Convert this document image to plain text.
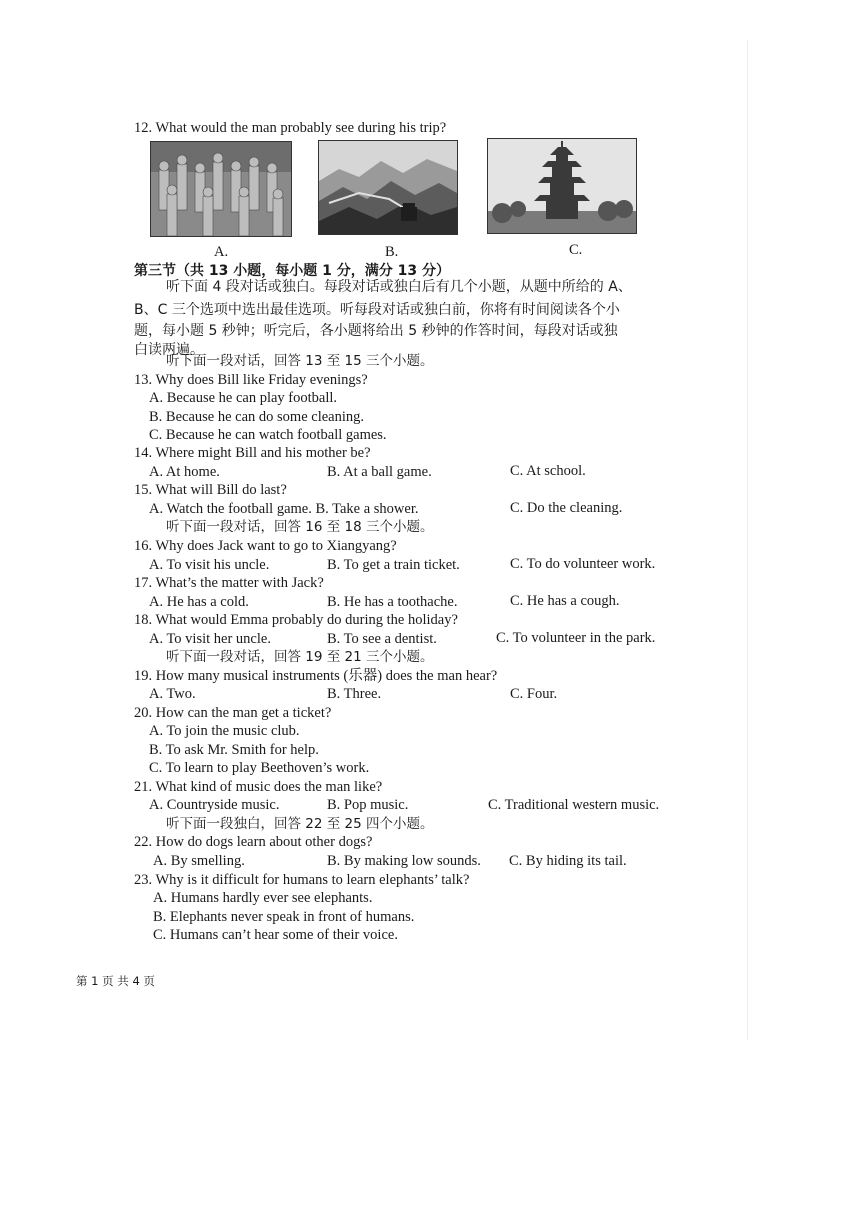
12. What would the man probably see during his trip?
A.	B.	C.
第三节（共 13 小题，每小题 1 分，满分 13 分）
听下面 4 段对话或独白。每段对话或独白后有几个小题，从题中所给的 A、
B、C 三个选项中选出最佳选项。听每段对话或独白前，你将有时间阅读各个小
题，每小题 5 秒钟；听完后，各小题将给出 5 秒钟的作答时间，每段对话或独
白读两遍。
听下面一段对话，回答 13 至 15 三个小题。
13. Why does Bill like Friday evenings?
A. Because he can play football.
B. Because he can do some cleaning.
C. Because he can watch football games.
14. Where might Bill and his mother be?
A. At home.	B. At a ball game.	C. At school.
15. What will Bill do last?
A. Watch the football game. B. Take a shower.	C. Do the cleaning.
听下面一段对话，回答 16 至 18 三个小题。
16. Why does Jack want to go to Xiangyang?
A. To visit his uncle.	B. To get a train ticket.	C. To do volunteer work.
17. What’s the matter with Jack?
A. He has a cold.	B. He has a toothache.	C. He has a cough.
18. What would Emma probably do during the holiday?
A. To visit her uncle.	B. To see a dentist.	C. To volunteer in the park.
听下面一段对话，回答 19 至 21 三个小题。
19. How many musical instruments (乐器) does the man hear?
A. Two.	B. Three.	C. Four.
20. How can the man get a ticket?
A. To join the music club.
B. To ask Mr. Smith for help.
C. To learn to play Beethoven’s work.
21. What kind of music does the man like?
A. Countryside music.	B. Pop music.	C. Traditional western music.
听下面一段独白，回答 22 至 25 四个小题。
22. How do dogs learn about other dogs?
A. By smelling.	B. By making low sounds. C. By hiding its tail.
23. Why is it difficult for humans to learn elephants’ talk?
A. Humans hardly ever see elephants.
B. Elephants never speak in front of humans.
C. Humans can’t hear some of their voice.
第 1 页 共 4 页
